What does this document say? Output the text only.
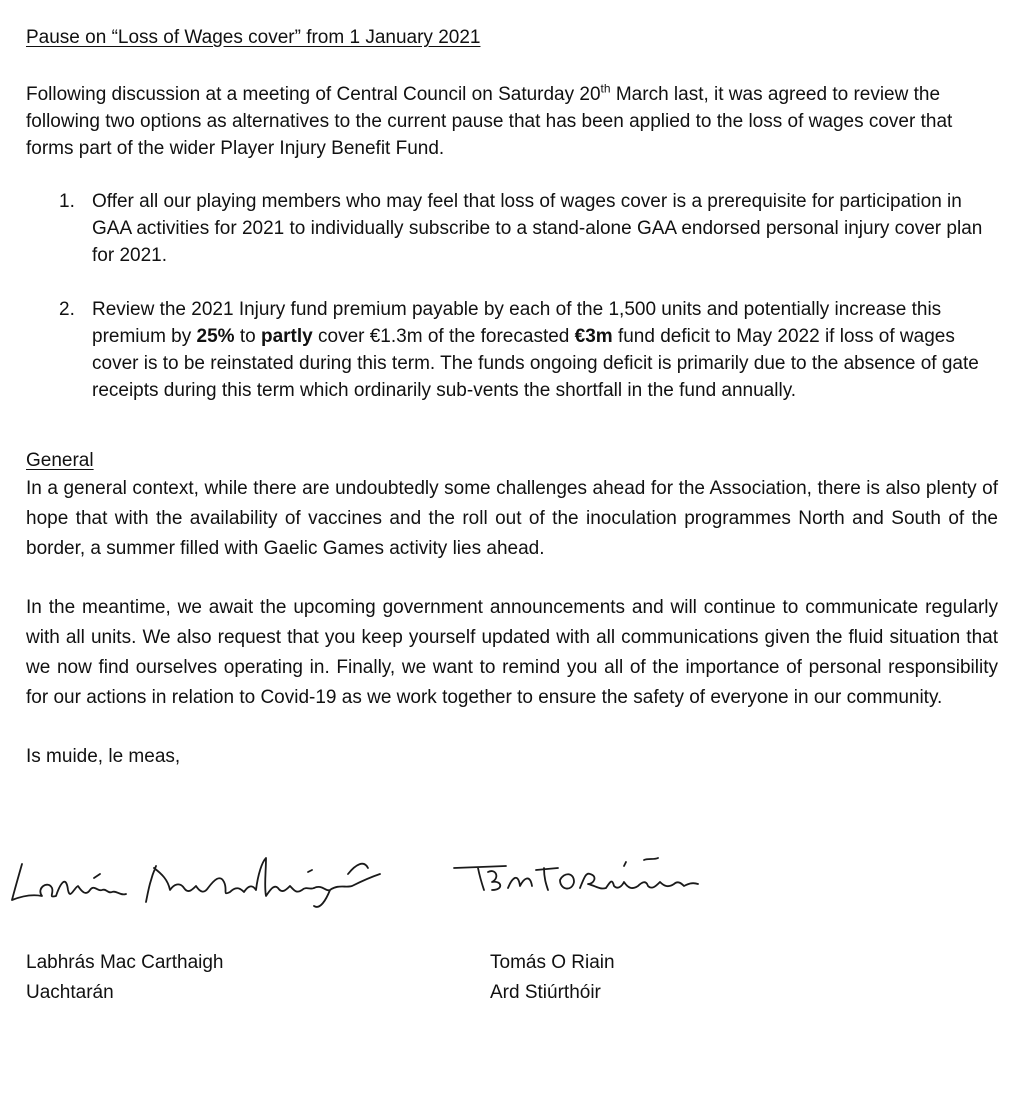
Pause on “Loss of Wages cover” from 1 January 2021

Following discussion at a meeting of Central Council on Saturday 20th March last, it was agreed to review the following two options as alternatives to the current pause that has been applied to the loss of wages cover that forms part of the wider Player Injury Benefit Fund.

1. Offer all our playing members who may feel that loss of wages cover is a prerequisite for participation in GAA activities for 2021 to individually subscribe to a stand-alone GAA endorsed personal injury cover plan for 2021.
2. Review the 2021 Injury fund premium payable by each of the 1,500 units and potentially increase this premium by 25% to partly cover €1.3m of the forecasted €3m fund deficit to May 2022 if loss of wages cover is to be reinstated during this term. The funds ongoing deficit is primarily due to the absence of gate receipts during this term which ordinarily sub-vents the shortfall in the fund annually.
General

In a general context, while there are undoubtedly some challenges ahead for the Association, there is also plenty of hope that with the availability of vaccines and the roll out of the inoculation programmes North and South of the border, a summer filled with Gaelic Games activity lies ahead.

In the meantime, we await the upcoming government announcements and will continue to communicate regularly with all units. We also request that you keep yourself updated with all communications given the fluid situation that we now find ourselves operating in. Finally, we want to remind you all of the importance of personal responsibility for our actions in relation to Covid-19 as we work together to ensure the safety of everyone in our community.

Is muide, le meas,

Labhrás Mac Carthaigh
Uachtarán
Tomás O Riain
Ard Stiúrthóir
